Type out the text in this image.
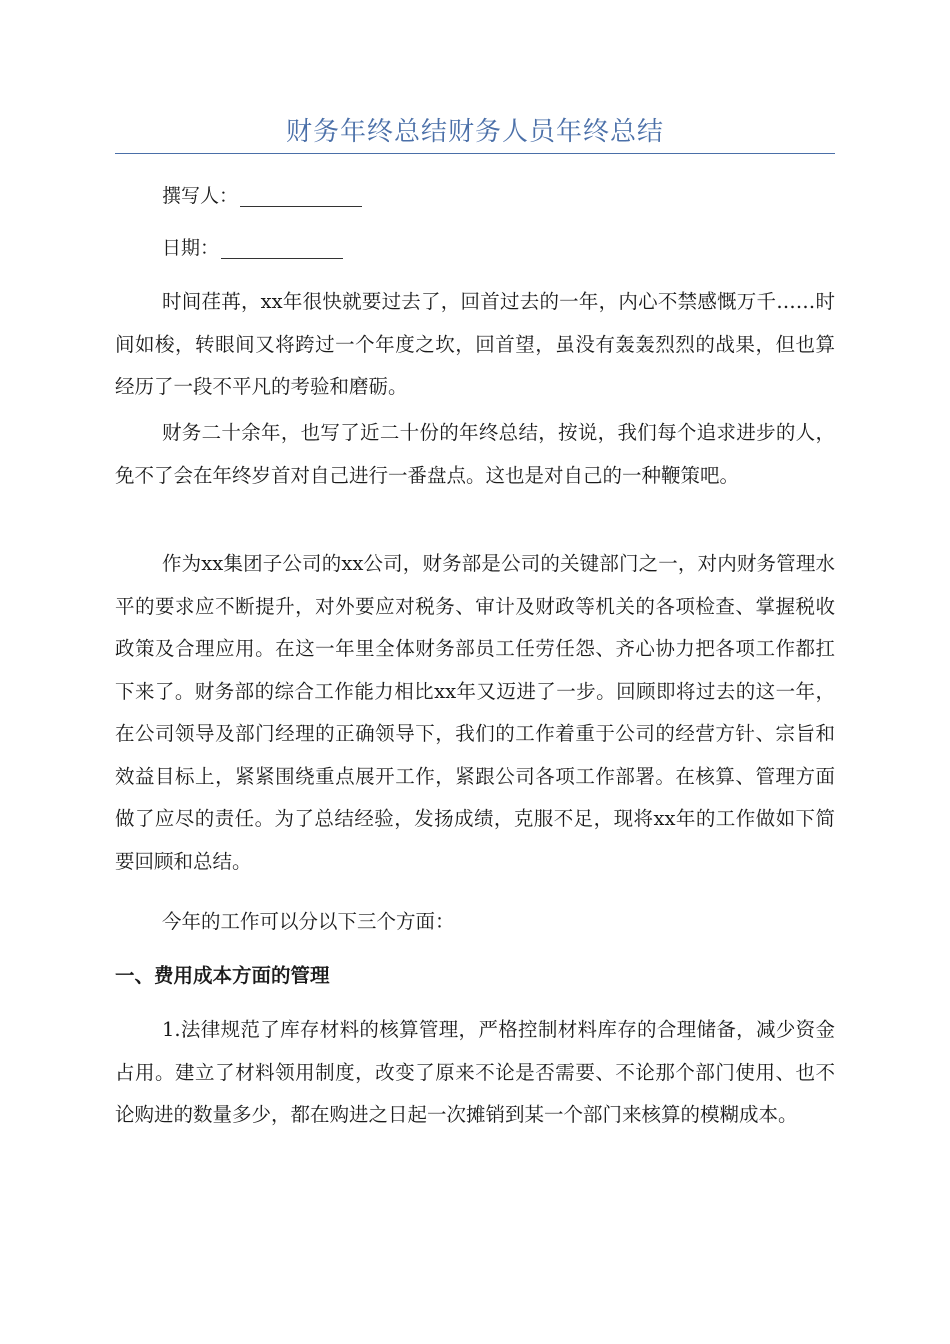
财务年终总结财务人员年终总结
撰写人：
日期：

时间荏苒，xx年很快就要过去了，回首过去的一年，内心不禁感慨万千……时间如梭，转眼间又将跨过一个年度之坎，回首望，虽没有轰轰烈烈的战果，但也算经历了一段不平凡的考验和磨砺。

财务二十余年，也写了近二十份的年终总结，按说，我们每个追求进步的人，免不了会在年终岁首对自己进行一番盘点。这也是对自己的一种鞭策吧。

作为xx集团子公司的xx公司，财务部是公司的关键部门之一，对内财务管理水平的要求应不断提升，对外要应对税务、审计及财政等机关的各项检查、掌握税收政策及合理应用。在这一年里全体财务部员工任劳任怨、齐心协力把各项工作都扛下来了。财务部的综合工作能力相比xx年又迈进了一步。回顾即将过去的这一年，在公司领导及部门经理的正确领导下，我们的工作着重于公司的经营方针、宗旨和效益目标上，紧紧围绕重点展开工作，紧跟公司各项工作部署。在核算、管理方面做了应尽的责任。为了总结经验，发扬成绩，克服不足，现将xx年的工作做如下简要回顾和总结。

今年的工作可以分以下三个方面：

一、费用成本方面的管理

1.法律规范了库存材料的核算管理，严格控制材料库存的合理储备，减少资金占用。建立了材料领用制度，改变了原来不论是否需要、不论那个部门使用、也不论购进的数量多少，都在购进之日起一次摊销到某一个部门来核算的模糊成本。
